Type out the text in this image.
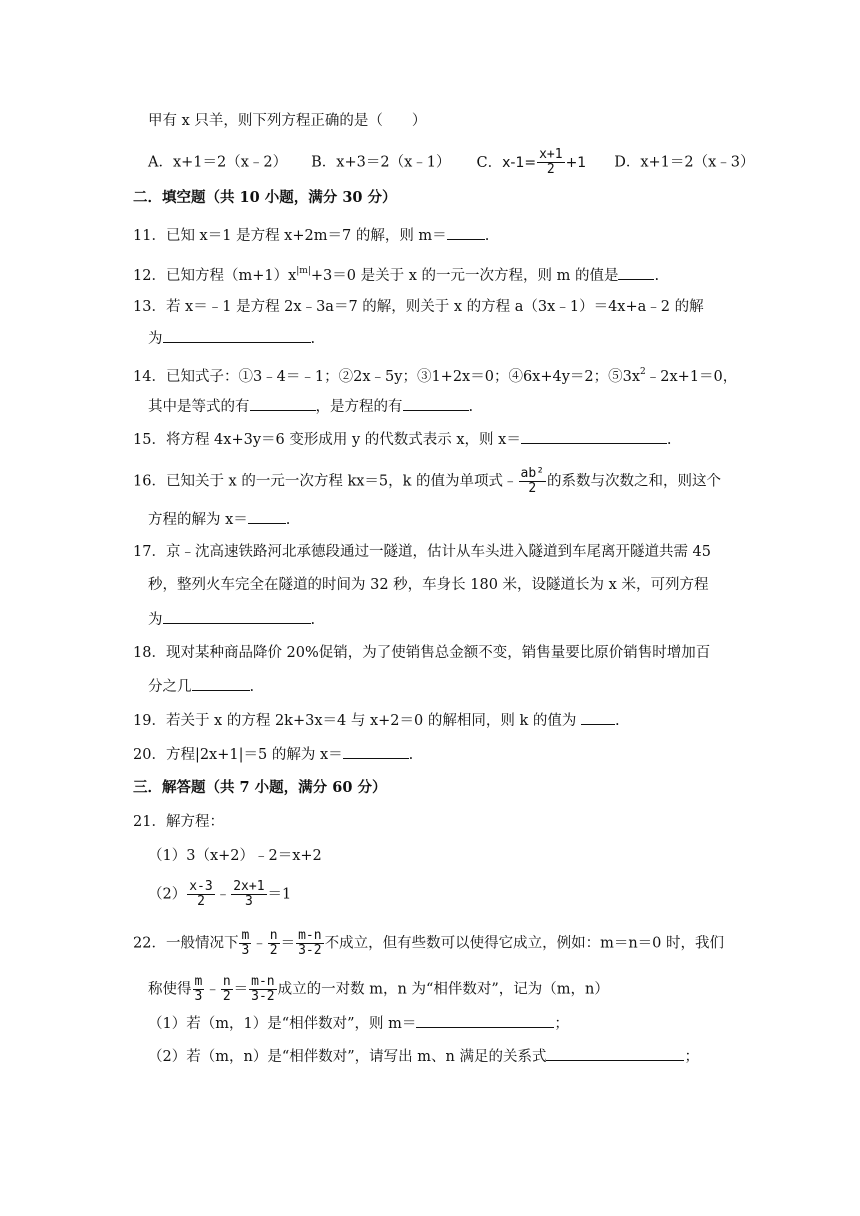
甲有 x 只羊，则下列方程正确的是（　　）
A．x+1＝2（x﹣2） B．x+3＝2（x﹣1） C．$x-1= \frac{x+1}{2} +1$ D．x+1＝2（x﹣3）
二．填空题（共 10 小题，满分 30 分）
11．已知 x＝1 是方程 x+2m＝7 的解，则 m＝	.
12．已知方程$(m+1)x^{|m|}+3=0$ 是关于 x 的一元一次方程，则 m 的值是 .
13．若 x＝﹣1 是方程 2x﹣3a＝7 的解，则关于 x 的方程 a（3x﹣1）＝4x+a﹣2 的解
为	.
14．已知式子：①3﹣4＝﹣1；②2x﹣5y；③1+2x＝0；④6x+4y＝2；$⑤3x^2﹣2x+1=0$，
其中是等式的有	，是方程的有	.
15．将方程 4x+3y＝6 变形成用 y 的代数式表示 x，则 x＝	.
16．已知关于 x 的一元一次方程 kx＝5，k 的值为单项式﹣ $\frac{\text{ab²}}{2}$ 的系数与次数之和，则这个
方程的解为 x＝	.
17．京﹣沈高速铁路河北承德段通过一隧道，估计从车头进入隧道到车尾离开隧道共需 45
秒，整列火车完全在隧道的时间为 32 秒，车身长 180 米，设隧道长为 x 米，可列方程
为	.
18．现对某种商品降价 20%促销，为了使销售总金额不变，销售量要比原价销售时增加百
分之几	.
19．若关于 x 的方程 2k+3x＝4 与 x+2＝0 的解相同，则 k 的值为 .
20．方程|2x+1|＝5 的解为 x＝	.
三．解答题（共 7 小题，满分 60 分）
21．解方程：
（1）3（x+2）﹣2＝x+2
$(2) \frac{x-3}{2}$ ﹣ $\frac{2x+1}{3} =1$
22．一般情况下 $\frac{m}{3}$ ﹣ $\frac{n}{2} = \frac{m-n}{3-2}$ 不成立，但有些数可以使得它成立，例如：m＝n＝0 时，我们
称使得 $\frac{m}{3}$ ﹣ $\frac{n}{2} = \frac{m-n}{3-2}$ 成立的一对数 m，n 为“相伴数对”，记为（m，n）
（1）若（m，1）是“相伴数对”，则 m＝	；
（2）若（m，n）是“相伴数对”，请写出 m、n 满足的关系式	；
